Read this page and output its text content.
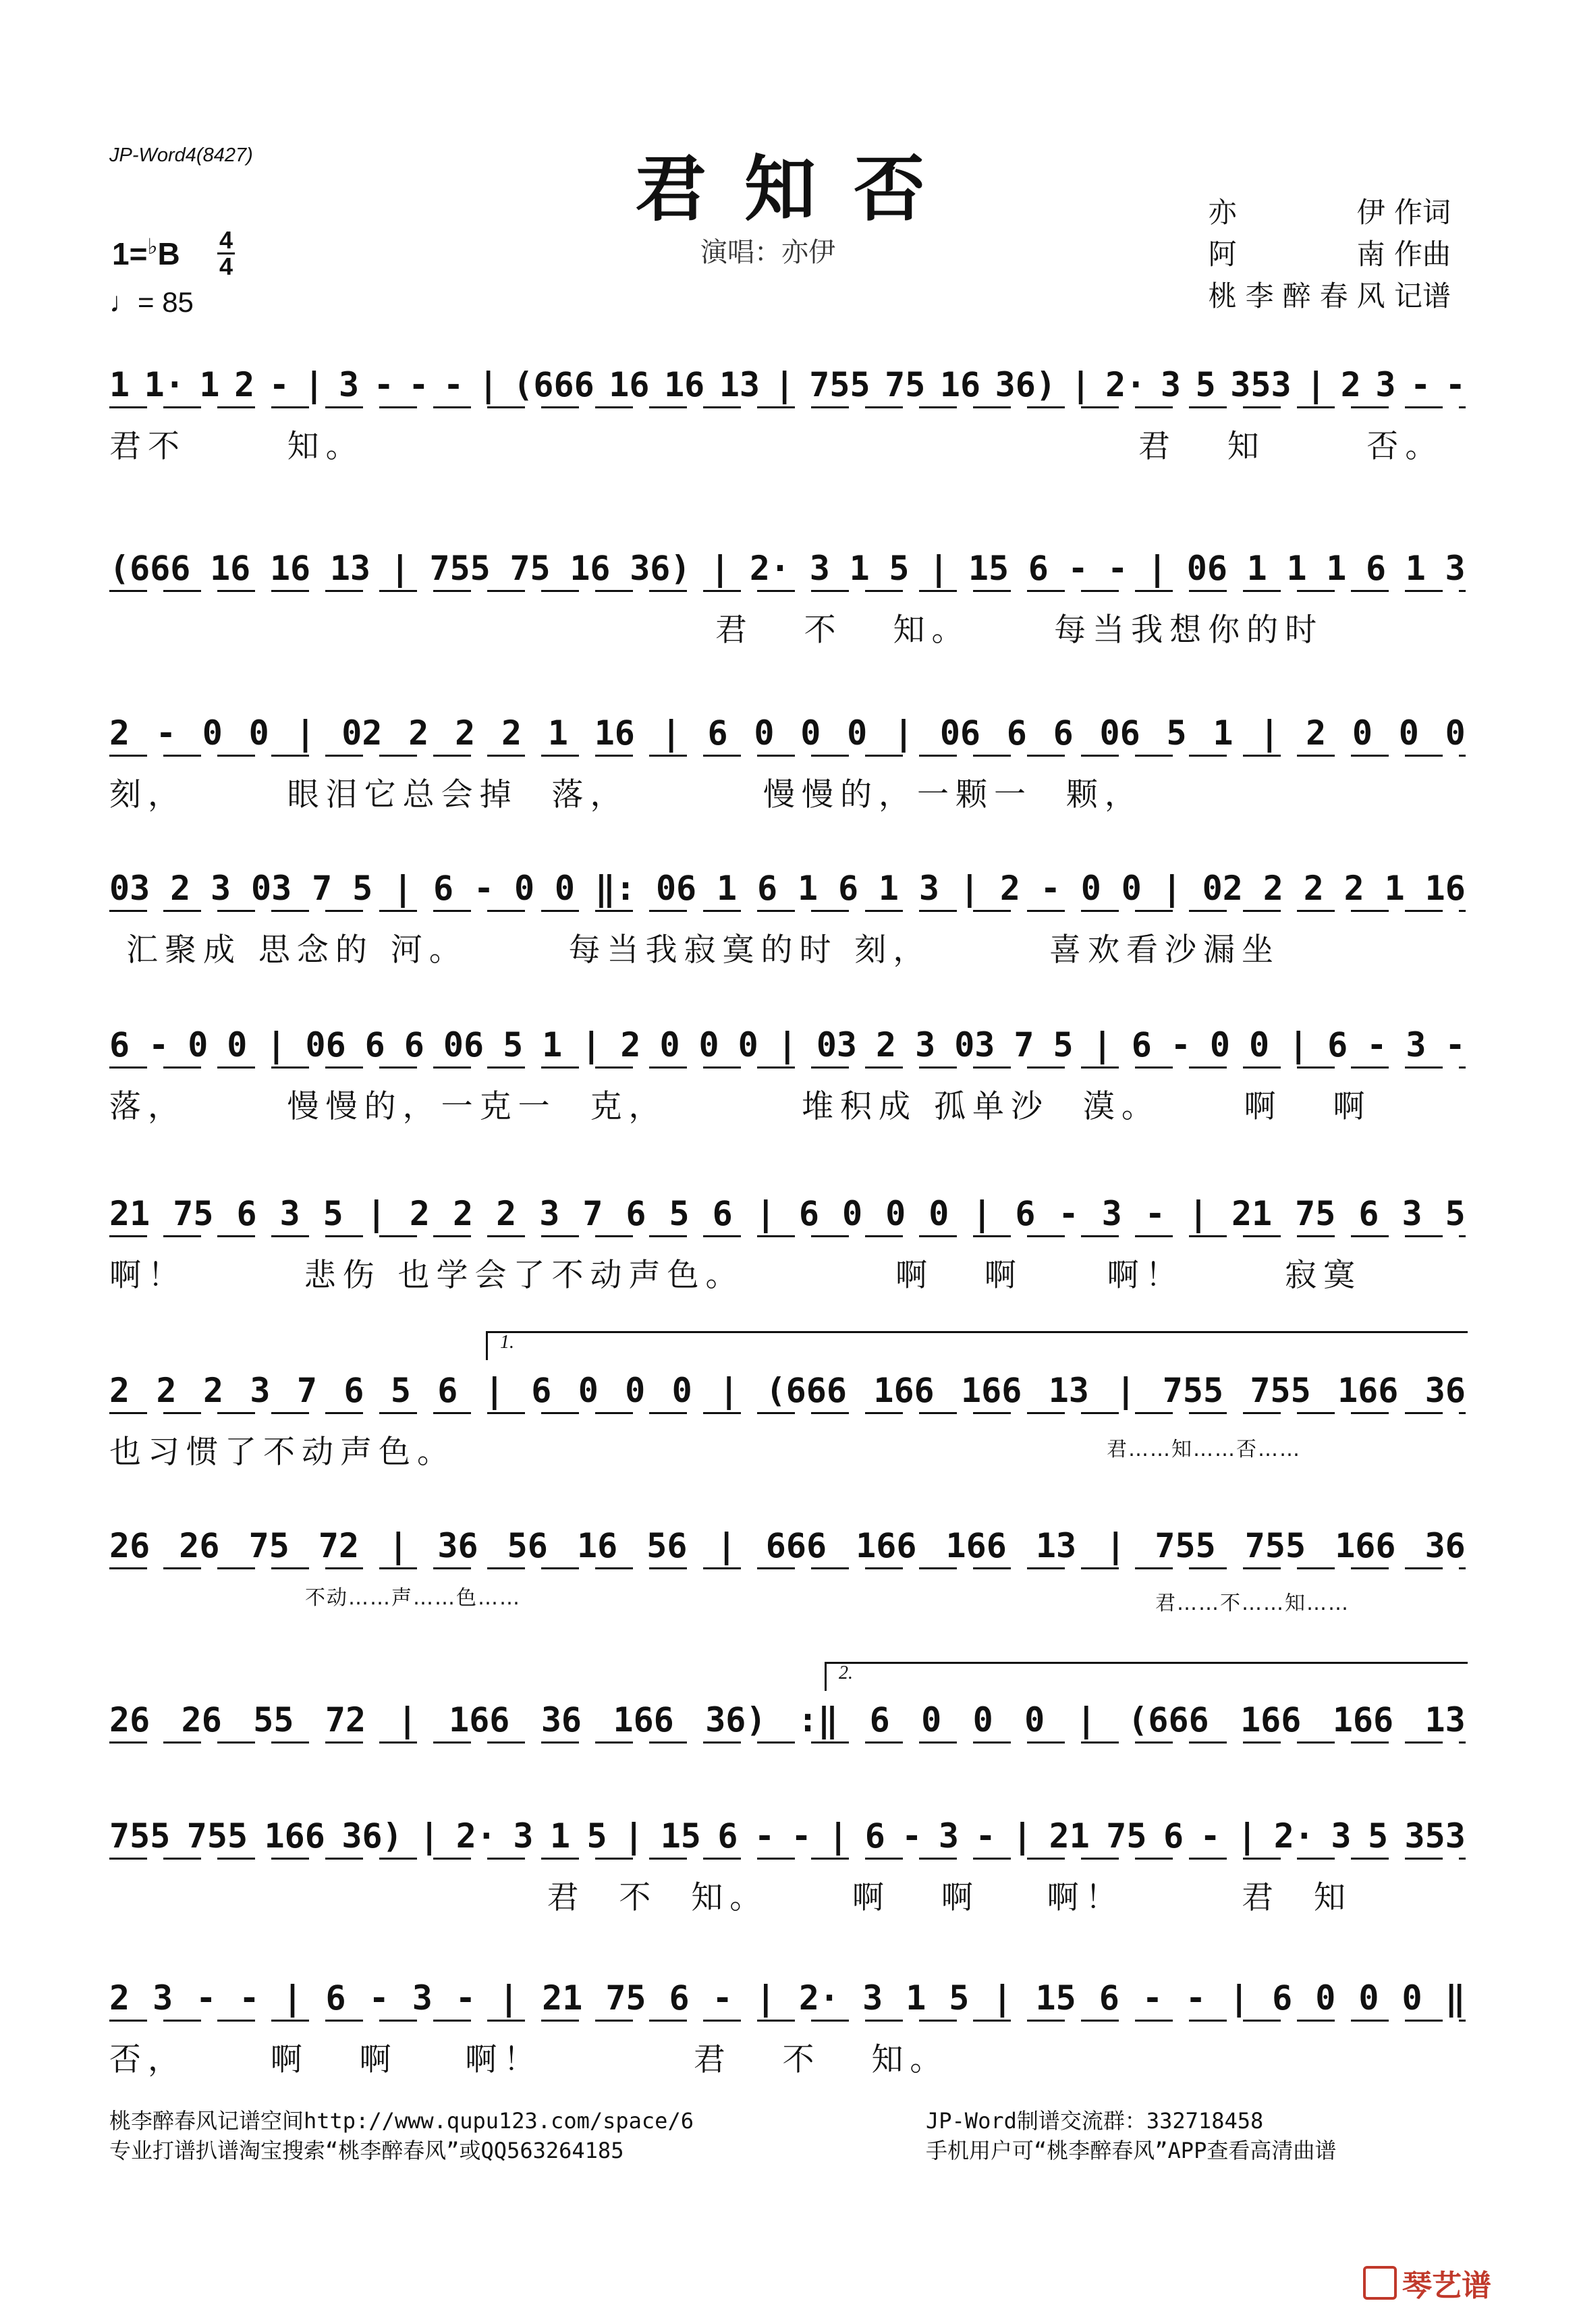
JP-Word4(8427)	君知否
演唱：亦伊
亦伊 作词
阿南 作曲
桃李醉春风 记谱
1=♭B 4
4
♩= 85
1 1· 1 2 - | 3 - - - | (666 16 16 13 | 755 75 16 36) | 2· 3 5 353 | 2 3 - -
君不      知。                                              君   知      否。
(666 16 16 13 | 755 75 16 36) | 2· 3 1 5 | 15 6 - - | 06 1 1 1 6 1 3
君   不   知。     每当我想你的时
2 - 0 0 | 02 2 2 2 1 16 | 6 0 0 0 | 06 6 6 06 5 1 | 2 0 0 0
刻，      眼泪它总会掉  落，        慢慢的，一颗一  颗，
03 2 3 03 7 5 | 6 - 0 0 ‖: 06 1 6 1 6 1 3 | 2 - 0 0 | 02 2 2 2 1 16
汇聚成 思念的 河。      每当我寂寞的时 刻，       喜欢看沙漏坐
6 - 0 0 | 06 6 6 06 5 1 | 2 0 0 0 | 03 2 3 03 7 5 | 6 - 0 0 | 6 - 3 -
落，      慢慢的，一克一  克，        堆积成 孤单沙  漠。     啊   啊
21 75 6 3 5 | 2 2 2 3 7 6 5 6 | 6 0 0 0 | 6 - 3 - | 21 75 6 3 5
啊！       悲伤 也学会了不动声色。         啊   啊     啊！      寂寞
2 2 2 3 7 6 5 6 | 6 0 0 0 | (666 166 166 13 | 755 755 166 36
也习惯了不动声色。
26 26 75 72 | 36 56 16 56 | 666 166 166 13 | 755 755 166 36
26 26 55 72 | 166 36 166 36) :‖ 6 0 0 0 | (666 166 166 13
755 755 166 36) | 2· 3 1 5 | 15 6 - - | 6 - 3 - | 21 75 6 - | 2· 3 5 353
君  不  知。     啊   啊    啊！       君  知
2 3 - - | 6 - 3 - | 21 75 6 - | 2· 3 1 5 | 15 6 - - | 6 0 0 0 ‖
否，     啊   啊    啊！         君   不   知。
君……知……否……
不动……声……色……	君……不……知……
1.
2.
桃李醉春风记谱空间http://www.qupu123.com/space/6
专业打谱扒谱淘宝搜索“桃李醉春风”或QQ563264185
JP-Word制谱交流群：332718458
手机用户可“桃李醉春风”APP查看高清曲谱
琴艺谱
